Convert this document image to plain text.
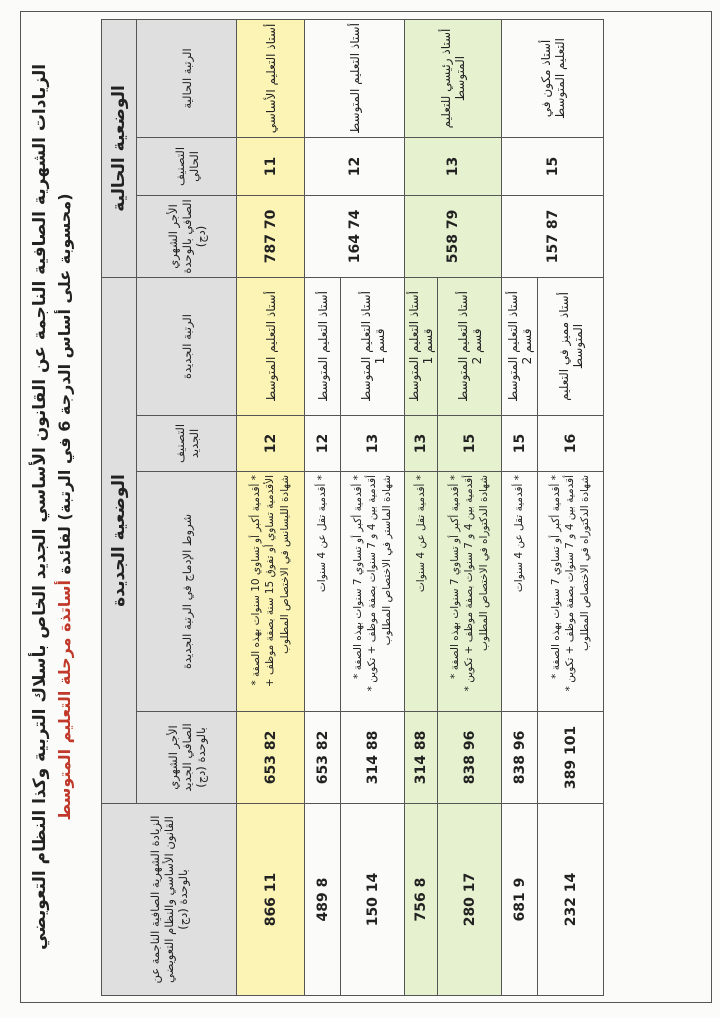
الزيادات الشهرية الصافية الناجمة عن القانون الأساسي الجديد الخاص بأسلاك التربية وكذا النظام التعويضي (محسوبة على أساس الدرجة 6 في الرتبة) لفائدة أساتذة مرحلة التعليم المتوسط
الوضعية الحالية			الوضعية الجديدة				الزيادة الشهرية الصافية الناجمة عن القانون الأساسي والنظام التعويضي بالوحدة (دج)
الرتبة الحالية	التصنيف الحالي	الأجر الشهري الصافي بالوحدة (دج)	الرتبة الجديدة	التصنيف الجديد	شروط الإدماج في الرتبة الجديدة	الأجر الشهري الصافي الجديد بالوحدة (دج)	
أستاذ التعليم الأساسي	11	70 787	أستاذ التعليم المتوسط	12	* أقدمية أكبر أو تساوي 10 سنوات بهذه الصفة * الأقدمية تساوي أو تفوق 15 سنة بصفة موظف + شهادة الليسانس في الاختصاص المطلوب	82 653	11 866
أستاذ التعليم المتوسط	12	74 164	أستاذ التعليم المتوسط	12	* أقدمية تقل عن 4 سنوات	82 653	8 489
			أستاذ التعليم المتوسط قسم 1	13	* أقدمية أكبر أو تساوي 7 سنوات بهذه الصفة * أقدمية بين 4 و 7 سنوات بصفة موظف + تكوين * شهادة الماستر في الاختصاص المطلوب	88 314	14 150
أستاذ رئيسي للتعليم المتوسط	13	79 558	أستاذ التعليم المتوسط قسم 1	13	* أقدمية تقل عن 4 سنوات	88 314	8 756
			أستاذ التعليم المتوسط قسم 2	15	* أقدمية أكبر أو تساوي 7 سنوات بهذه الصفة * أقدمية بين 4 و 7 سنوات بصفة موظف + تكوين * شهادة الدكتوراه في الاختصاص المطلوب	96 838	17 280
أستاذ مكون في التعليم المتوسط	15	87 157	أستاذ التعليم المتوسط قسم 2	15	* أقدمية تقل عن 4 سنوات	96 838	9 681
			أستاذ مميز في التعليم المتوسط	16	* أقدمية أكبر أو تساوي 7 سنوات بهذه الصفة * أقدمية بين 4 و 7 سنوات بصفة موظف + تكوين * شهادة الدكتوراه في الاختصاص المطلوب	101 389	14 232
